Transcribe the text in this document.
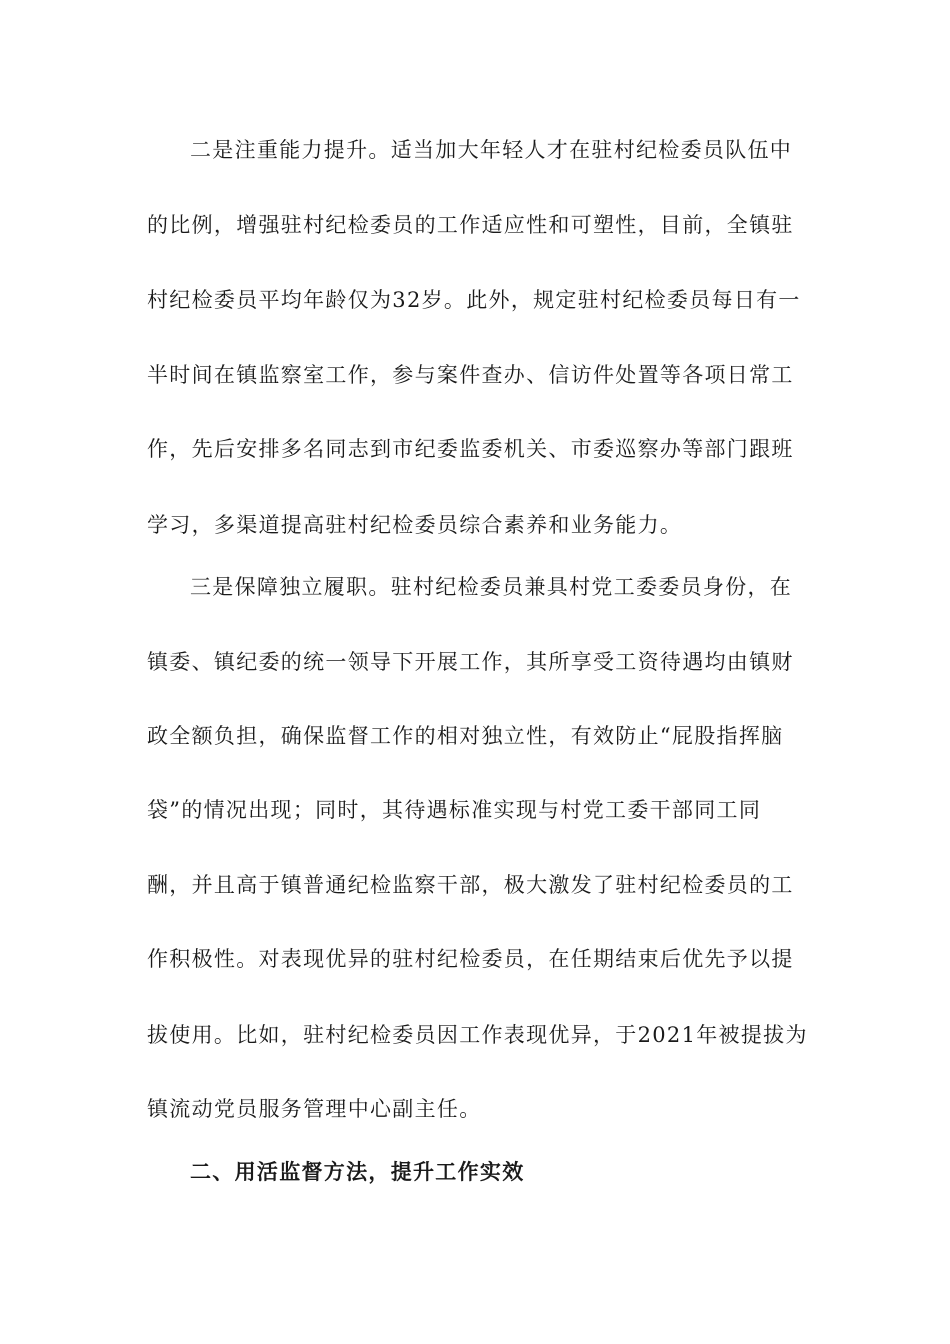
二是注重能力提升。适当加大年轻人才在驻村纪检委员队伍中
的比例，增强驻村纪检委员的工作适应性和可塑性，目前，全镇驻
村纪检委员平均年龄仅为32岁。此外，规定驻村纪检委员每日有一
半时间在镇监察室工作，参与案件查办、信访件处置等各项日常工
作，先后安排多名同志到市纪委监委机关、市委巡察办等部门跟班
学习，多渠道提高驻村纪检委员综合素养和业务能力。
三是保障独立履职。驻村纪检委员兼具村党工委委员身份，在
镇委、镇纪委的统一领导下开展工作，其所享受工资待遇均由镇财
政全额负担，确保监督工作的相对独立性，有效防止“屁股指挥脑
袋”的情况出现；同时，其待遇标准实现与村党工委干部同工同
酬，并且高于镇普通纪检监察干部，极大激发了驻村纪检委员的工
作积极性。对表现优异的驻村纪检委员，在任期结束后优先予以提
拔使用。比如，驻村纪检委员因工作表现优异，于2021年被提拔为
镇流动党员服务管理中心副主任。
二、用活监督方法，提升工作实效
